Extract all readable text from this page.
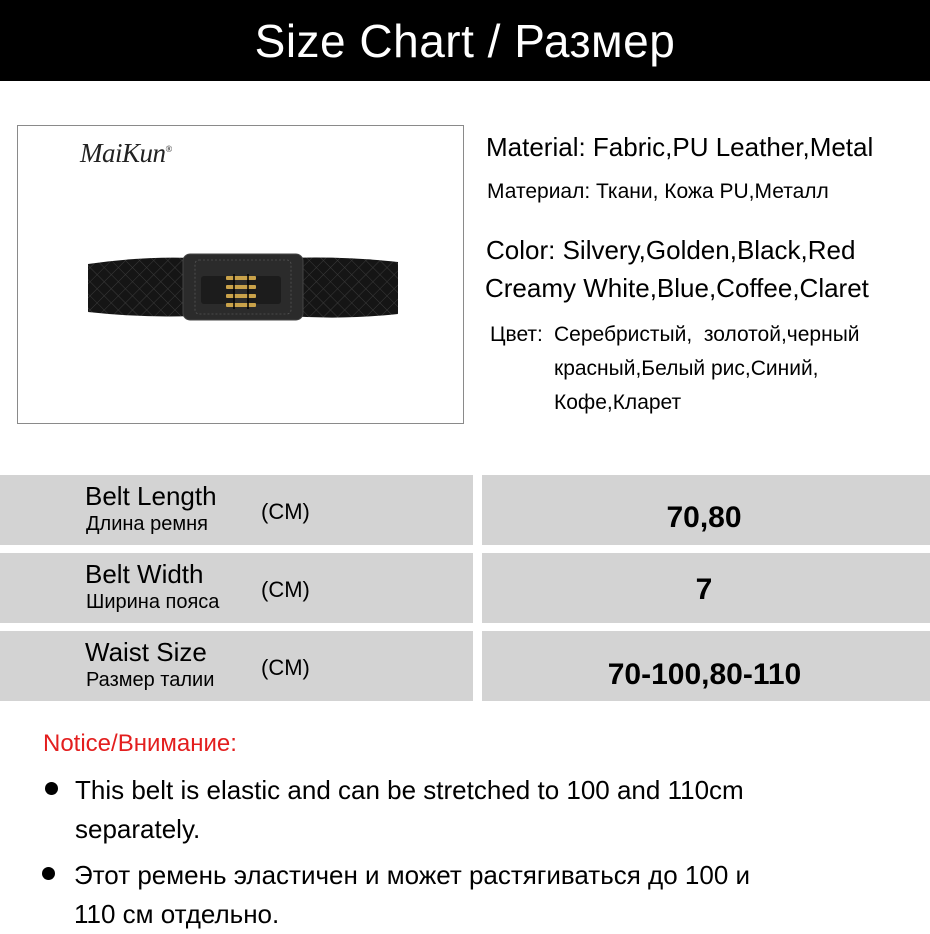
Size Chart / Размер
MaiKun®	Material: Fabric,PU Leather,Metal
Материал: Ткани, Кожа PU,Металл
Color: Silvery,Golden,Black,Red
Creamy White,Blue,Coffee,Claret
Цвет: Серебристый,  золотой,черный
красный,Белый рис,Синий,
Кофе,Кларет
Belt Length
Длина ремня (CM)	70,80
Belt Width
Ширина пояса (CM)	7
Waist Size
Размер талии (CM)	70-100,80-110
Notice/Внимание:
This belt is elastic and can be stretched to 100 and 110cm
separately.
Этот ремень эластичен и может растягиваться до 100 и
110 см отдельно.
